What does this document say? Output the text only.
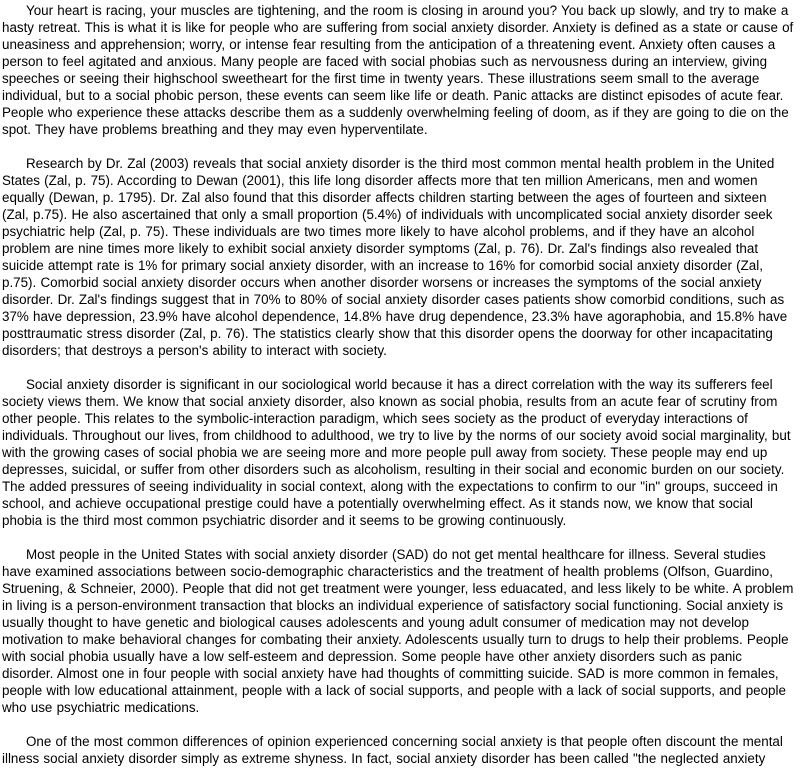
Your heart is racing, your muscles are tightening, and the room is closing in around you? You back up slowly, and try to make a hasty retreat. This is what it is like for people who are suffering from social anxiety disorder. Anxiety is defined as a state or cause of uneasiness and apprehension; worry, or intense fear resulting from the anticipation of a threatening event. Anxiety often causes a person to feel agitated and anxious. Many people are faced with social phobias such as nervousness during an interview, giving speeches or seeing their highschool sweetheart for the first time in twenty years. These illustrations seem small to the average individual, but to a social phobic person, these events can seem like life or death. Panic attacks are distinct episodes of acute fear. People who experience these attacks describe them as a suddenly overwhelming feeling of doom, as if they are going to die on the spot. They have problems breathing and they may even hyperventilate.

Research by Dr. Zal (2003) reveals that social anxiety disorder is the third most common mental health problem in the United States (Zal, p. 75). According to Dewan (2001), this life long disorder affects more that ten million Americans, men and women equally (Dewan, p. 1795). Dr. Zal also found that this disorder affects children starting between the ages of fourteen and sixteen (Zal, p.75). He also ascertained that only a small proportion (5.4%) of individuals with uncomplicated social anxiety disorder seek psychiatric help (Zal, p. 75). These individuals are two times more likely to have alcohol problems, and if they have an alcohol problem are nine times more likely to exhibit social anxiety disorder symptoms (Zal, p. 76). Dr. Zal's findings also revealed that suicide attempt rate is 1% for primary social anxiety disorder, with an increase to 16% for comorbid social anxiety disorder (Zal, p.75). Comorbid social anxiety disorder occurs when another disorder worsens or increases the symptoms of the social anxiety disorder. Dr. Zal's findings suggest that in 70% to 80% of social anxiety disorder cases patients show comorbid conditions, such as 37% have depression, 23.9% have alcohol dependence, 14.8% have drug dependence, 23.3% have agoraphobia, and 15.8% have posttraumatic stress disorder (Zal, p. 76). The statistics clearly show that this disorder opens the doorway for other incapacitating disorders; that destroys a person's ability to interact with society.

Social anxiety disorder is significant in our sociological world because it has a direct correlation with the way its sufferers feel society views them. We know that social anxiety disorder, also known as social phobia, results from an acute fear of scrutiny from other people. This relates to the symbolic-interaction paradigm, which sees society as the product of everyday interactions of individuals. Throughout our lives, from childhood to adulthood, we try to live by the norms of our society avoid social marginality, but with the growing cases of social phobia we are seeing more and more people pull away from society. These people may end up depresses, suicidal, or suffer from other disorders such as alcoholism, resulting in their social and economic burden on our society. The added pressures of seeing individuality in social context, along with the expectations to confirm to our "in" groups, succeed in school, and achieve occupational prestige could have a potentially overwhelming effect. As it stands now, we know that social phobia is the third most common psychiatric disorder and it seems to be growing continuously.

Most people in the United States with social anxiety disorder (SAD) do not get mental healthcare for illness. Several studies have examined associations between socio-demographic characteristics and the treatment of health problems (Olfson, Guardino, Struening, & Schneier, 2000). People that did not get treatment were younger, less eduacated, and less likely to be white. A problem in living is a person-environment transaction that blocks an individual experience of satisfactory social functioning. Social anxiety is usually thought to have genetic and biological causes adolescents and young adult consumer of medication may not develop motivation to make behavioral changes for combating their anxiety. Adolescents usually turn to drugs to help their problems. People with social phobia usually have a low self-esteem and depression. Some people have other anxiety disorders such as panic disorder. Almost one in four people with social anxiety have had thoughts of committing suicide. SAD is more common in females, people with low educational attainment, people with a lack of social supports, and people with a lack of social supports, and people who use psychiatric medications.

One of the most common differences of opinion experienced concerning social anxiety is that people often discount the mental illness social anxiety disorder simply as extreme shyness. In fact, social anxiety disorder has been called "the neglected anxiety
